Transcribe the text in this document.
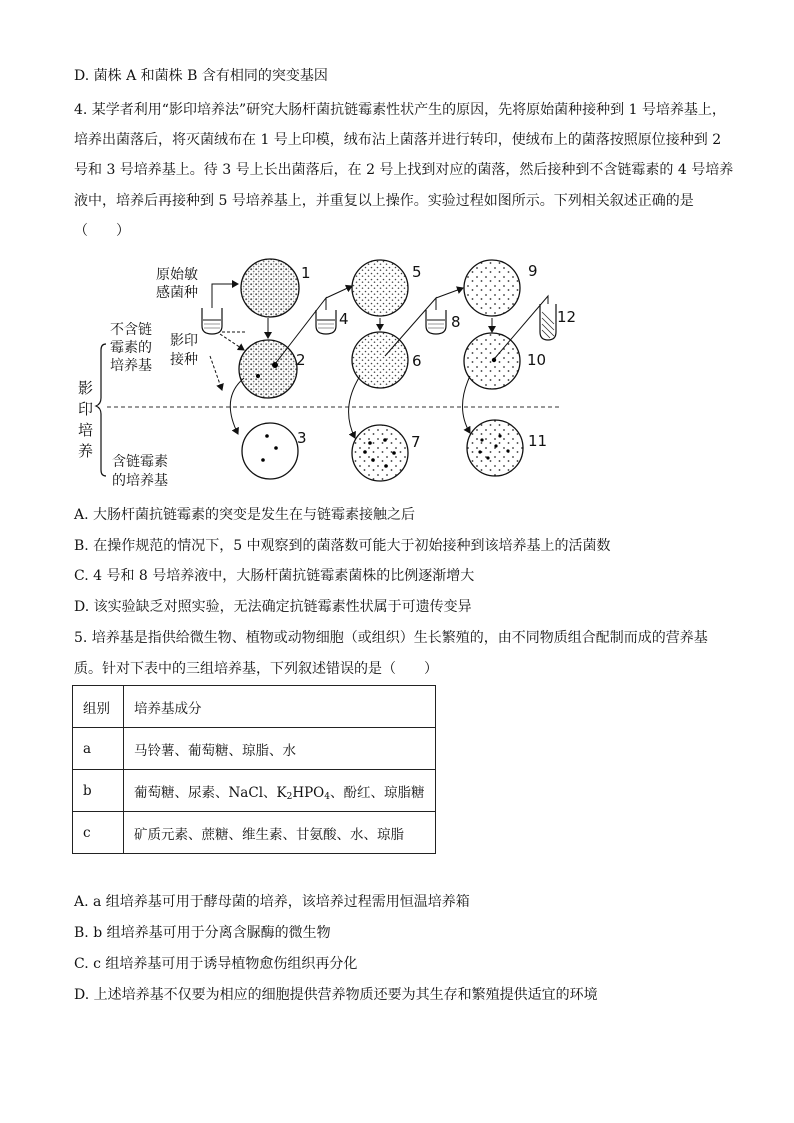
D. 菌株 A 和菌株 B 含有相同的突变基因
4. 某学者利用“影印培养法”研究大肠杆菌抗链霉素性状产生的原因，先将原始菌种接种到 1 号培养基上，
培养出菌落后，将灭菌绒布在 1 号上印模，绒布沾上菌落并进行转印，使绒布上的菌落按照原位接种到 2
号和 3 号培养基上。待 3 号上长出菌落后，在 2 号上找到对应的菌落，然后接种到不含链霉素的 4 号培养
液中，培养后再接种到 5 号培养基上，并重复以上操作。实验过程如图所示。下列相关叙述正确的是
（　　）
原始敏
感菌种
不含链
霉素的
培养基
影印
接种
影
印
培
养
含链霉素
的培养基
1
2
3
4
5
6
7
8
9
10
11
12
A. 大肠杆菌抗链霉素的突变是发生在与链霉素接触之后
B. 在操作规范的情况下，5 中观察到的菌落数可能大于初始接种到该培养基上的活菌数
C. 4 号和 8 号培养液中，大肠杆菌抗链霉素菌株的比例逐渐增大
D. 该实验缺乏对照实验，无法确定抗链霉素性状属于可遗传变异
5. 培养基是指供给微生物、植物或动物细胞（或组织）生长繁殖的，由不同物质组合配制而成的营养基
质。针对下表中的三组培养基，下列叙述错误的是（　　）
组别	培养基成分
a	马铃薯、葡萄糖、琼脂、水
b	葡萄糖、尿素、NaCl、$K_2HPO_4$、酚红、琼脂糖
c	矿质元素、蔗糖、维生素、甘氨酸、水、琼脂
A. a 组培养基可用于酵母菌的培养，该培养过程需用恒温培养箱
B. b 组培养基可用于分离含脲酶的微生物
C. c 组培养基可用于诱导植物愈伤组织再分化
D. 上述培养基不仅要为相应的细胞提供营养物质还要为其生存和繁殖提供适宜的环境
